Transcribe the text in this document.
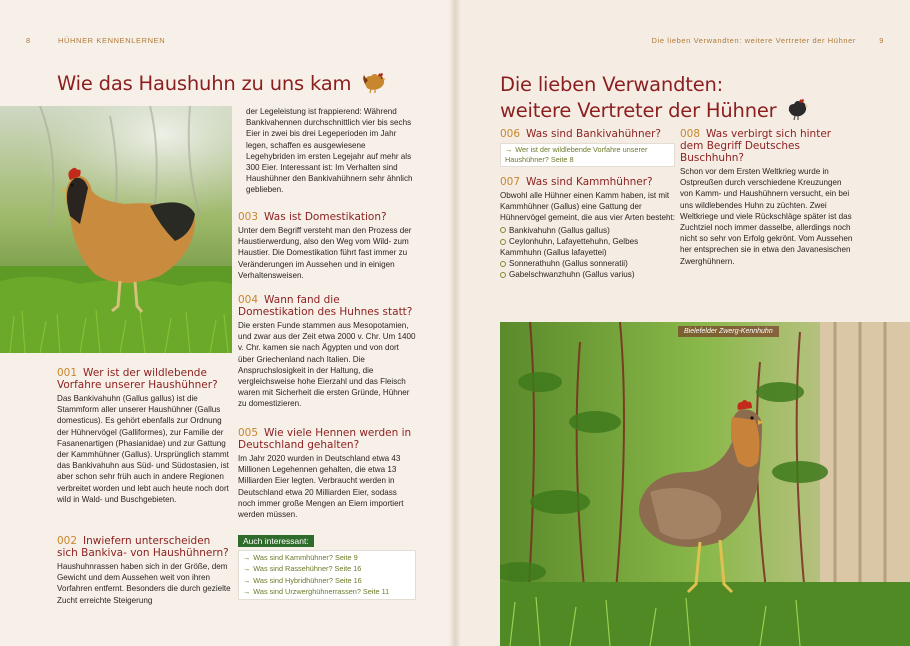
8	HÜHNER KENNENLERNEN	Die lieben Verwandten: weitere Vertreter der Hühner	9
Wie das Haushuhn zu uns kam
der Legeleistung ist frappierend: Während Bankivahennen durchschnittlich vier bis sechs Eier in zwei bis drei Legeperioden im Jahr legen, schaffen es ausgewiesene Legehybriden im ersten Legejahr auf mehr als 300 Eier. Interessant ist: Im Verhalten sind Haushühner den Bankivahühnern sehr ähnlich geblieben.
003 Was ist Domestikation?
Unter dem Begriff versteht man den Prozess der Haustierwerdung, also den Weg vom Wild- zum Haustier. Die Domestikation führt fast immer zu Veränderungen im Aussehen und in einigen Verhaltensweisen.
004 Wann fand die Domestikation des Huhnes statt?
Die ersten Funde stammen aus Mesopotamien, und zwar aus der Zeit etwa 2000 v. Chr. Um 1400 v. Chr. kamen sie nach Ägypten und von dort über Griechenland nach Italien. Die Anspruchslosigkeit in der Haltung, die vergleichsweise hohe Eierzahl und das Fleisch waren mit Sicherheit die ersten Gründe, Hühner zu domestizieren.
005 Wie viele Hennen werden in Deutschland gehalten?
Im Jahr 2020 wurden in Deutschland etwa 43 Millionen Legehennen gehalten, die etwa 13 Milliarden Eier legten. Verbraucht werden in Deutschland etwa 20 Milliarden Eier, sodass noch immer große Mengen an Eiern importiert werden müssen.
Auch interessant:
→ Was sind Kammhühner? Seite 9
→ Was sind Rassehühner? Seite 16
→ Was sind Hybridhühner? Seite 16
→ Was sind Urzwerghühnerrassen? Seite 11
001 Wer ist der wildlebende Vorfahre unserer Haushühner?
Das Bankivahuhn (Gallus gallus) ist die Stammform aller unserer Haushühner (Gallus domesticus). Es gehört ebenfalls zur Ordnung der Hühnervögel (Galliformes), zur Familie der Fasanenartigen (Phasianidae) und zur Gattung der Kammhühner (Gallus). Ursprünglich stammt das Bankivahuhn aus Süd- und Südostasien, ist aber schon sehr früh auch in andere Regionen verbreitet worden und lebt auch heute noch dort wild in Wald- und Buschgebieten.
002 Inwiefern unterscheiden sich Bankiva- von Haushühnern?
Haushuhnrassen haben sich in der Größe, dem Gewicht und dem Aussehen weit von ihren Vorfahren entfernt. Besonders die durch gezielte Zucht erreichte Steigerung
Die lieben Verwandten:
weitere Vertreter der Hühner
006 Was sind Bankivahühner?
→ Wer ist der wildlebende Vorfahre unserer Haushühner? Seite 8
007 Was sind Kammhühner?
Obwohl alle Hühner einen Kamm haben, ist mit Kammhühner (Gallus) eine Gattung der Hühnervögel gemeint, die aus vier Arten besteht:
Bankivahuhn (Gallus gallus)
Ceylonhuhn, Lafayettehuhn, Gelbes Kammhuhn (Gallus lafayettei)
Sonnerathuhn (Gallus sonneratii)
Gabelschwanzhuhn (Gallus varius)
008 Was verbirgt sich hinter dem Begriff Deutsches Buschhuhn?
Schon vor dem Ersten Weltkrieg wurde in Ostpreußen durch verschiedene Kreuzungen von Kamm- und Haushühnern versucht, ein bei uns wildlebendes Huhn zu züchten. Zwei Weltkriege und viele Rückschläge später ist das Zuchtziel noch immer dasselbe, allerdings noch nicht so sehr von Erfolg gekrönt. Vom Aussehen her entsprechen sie in etwa den Javanesischen Zwerghühnern.
Bielefelder Zwerg-Kennhuhn
